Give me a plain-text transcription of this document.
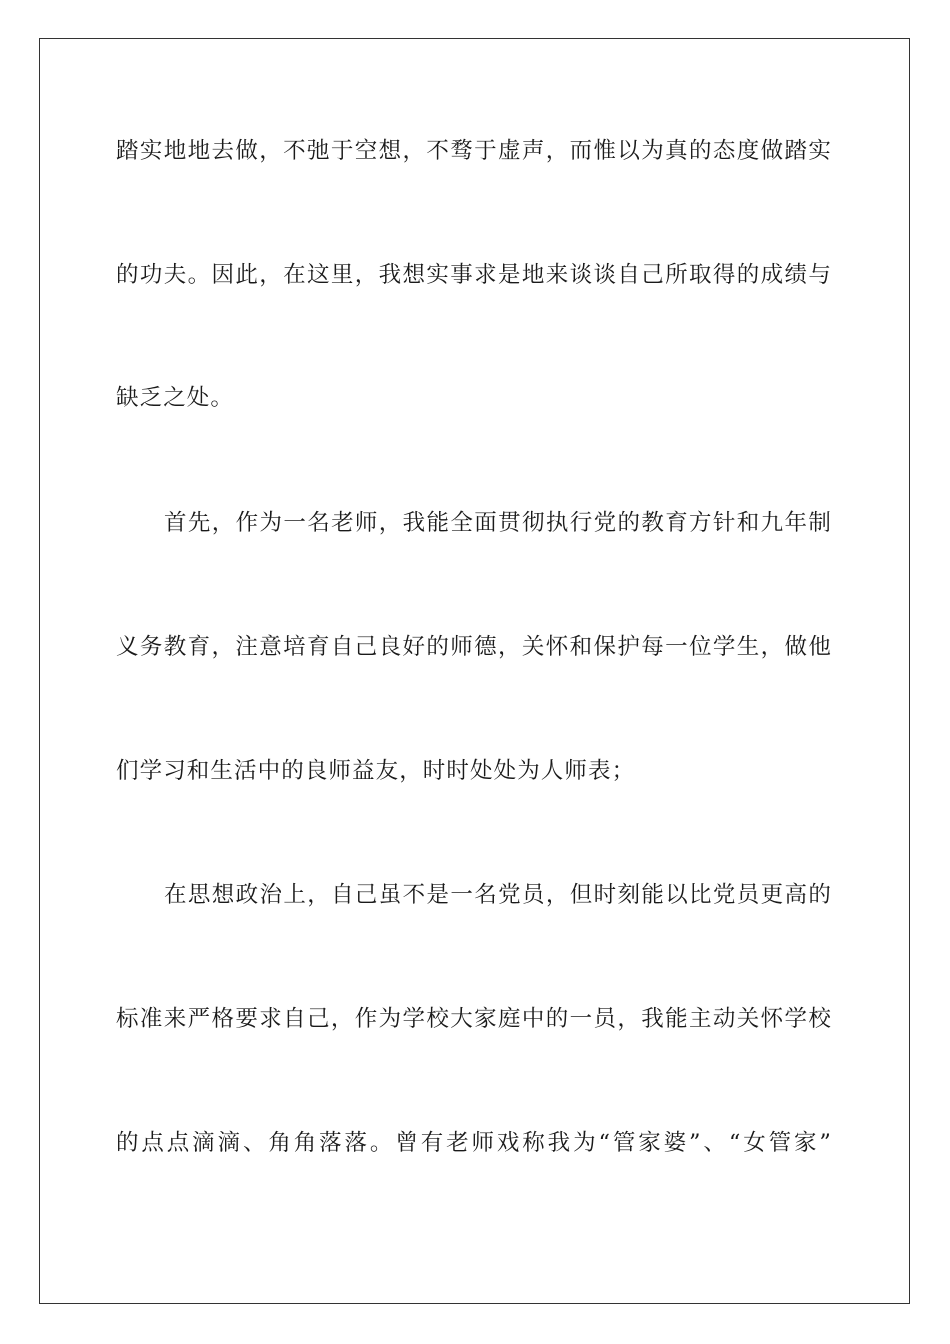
踏实地地去做，不弛于空想，不骛于虚声，而惟以为真的态度做踏实
的功夫。因此，在这里，我想实事求是地来谈谈自己所取得的成绩与
缺乏之处。
首先，作为一名老师，我能全面贯彻执行党的教育方针和九年制
义务教育，注意培育自己良好的师德，关怀和保护每一位学生，做他
们学习和生活中的良师益友，时时处处为人师表；
在思想政治上，自己虽不是一名党员，但时刻能以比党员更高的
标准来严格要求自己，作为学校大家庭中的一员，我能主动关怀学校
的点点滴滴、角角落落。曾有老师戏称我为“管家婆”、“女管家”
